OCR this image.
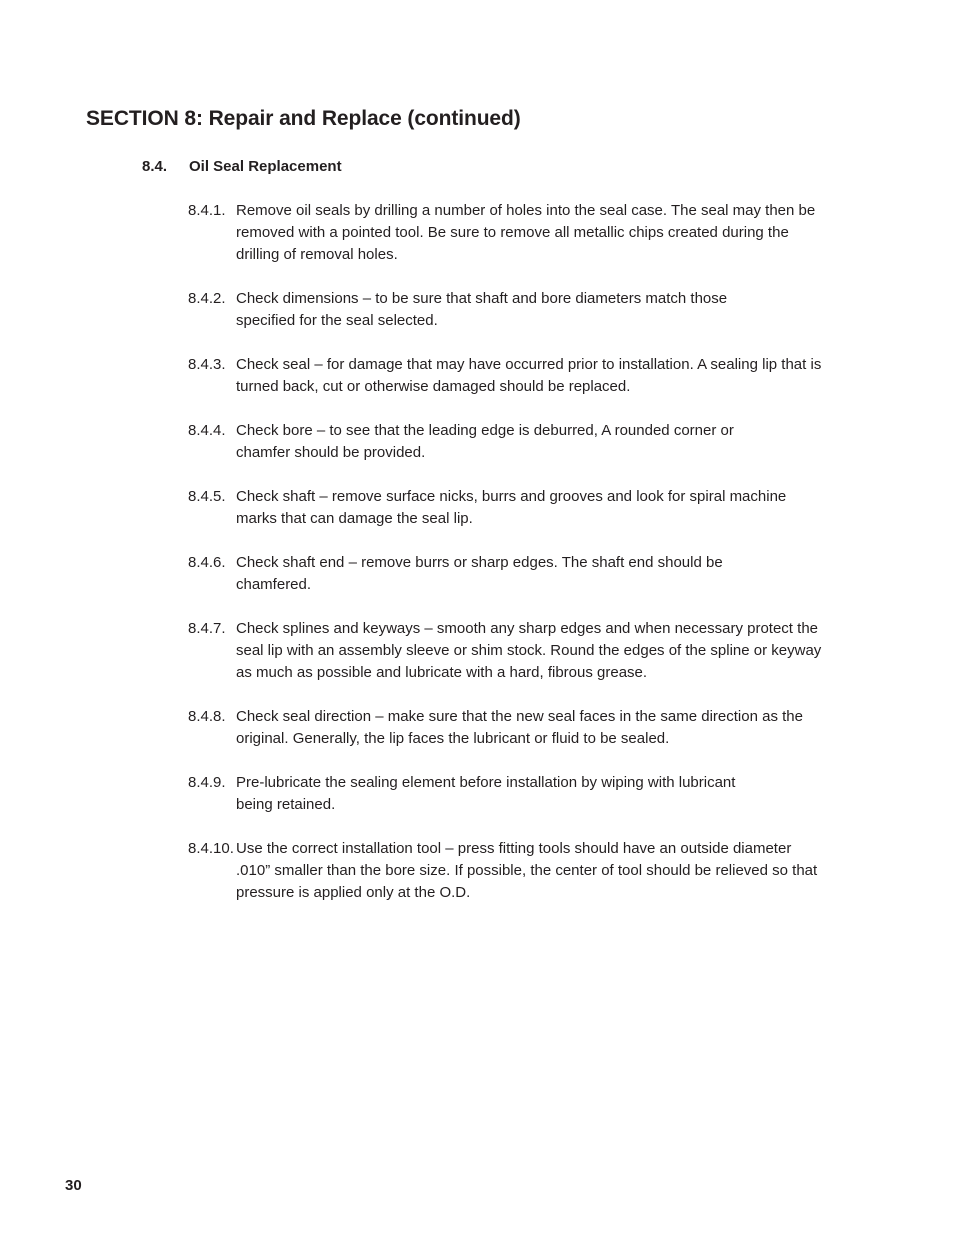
SECTION 8: Repair and Replace (continued)
8.4. Oil Seal Replacement
8.4.1. Remove oil seals by drilling a number of holes into the seal case. The seal may then be removed with a pointed tool. Be sure to remove all metallic chips created during the drilling of removal holes.
8.4.2. Check dimensions – to be sure that shaft and bore diameters match those specified for the seal selected.
8.4.3. Check seal – for damage that may have occurred prior to installation. A sealing lip that is turned back, cut or otherwise damaged should be replaced.
8.4.4. Check bore – to see that the leading edge is deburred, A rounded corner or chamfer should be provided.
8.4.5. Check shaft – remove surface nicks, burrs and grooves and look for spiral machine marks that can damage the seal lip.
8.4.6. Check shaft end – remove burrs or sharp edges. The shaft end should be chamfered.
8.4.7. Check splines and keyways – smooth any sharp edges and when necessary protect the seal lip with an assembly sleeve or shim stock. Round the edges of the spline or keyway as much as possible and lubricate with a hard, fibrous grease.
8.4.8. Check seal direction – make sure that the new seal faces in the same direction as the original. Generally, the lip faces the lubricant or fluid to be sealed.
8.4.9. Pre-lubricate the sealing element before installation by wiping with lubricant being retained.
8.4.10. Use the correct installation tool – press fitting tools should have an outside diameter .010” smaller than the bore size. If possible, the center of tool should be relieved so that pressure is applied only at the O.D.
30
